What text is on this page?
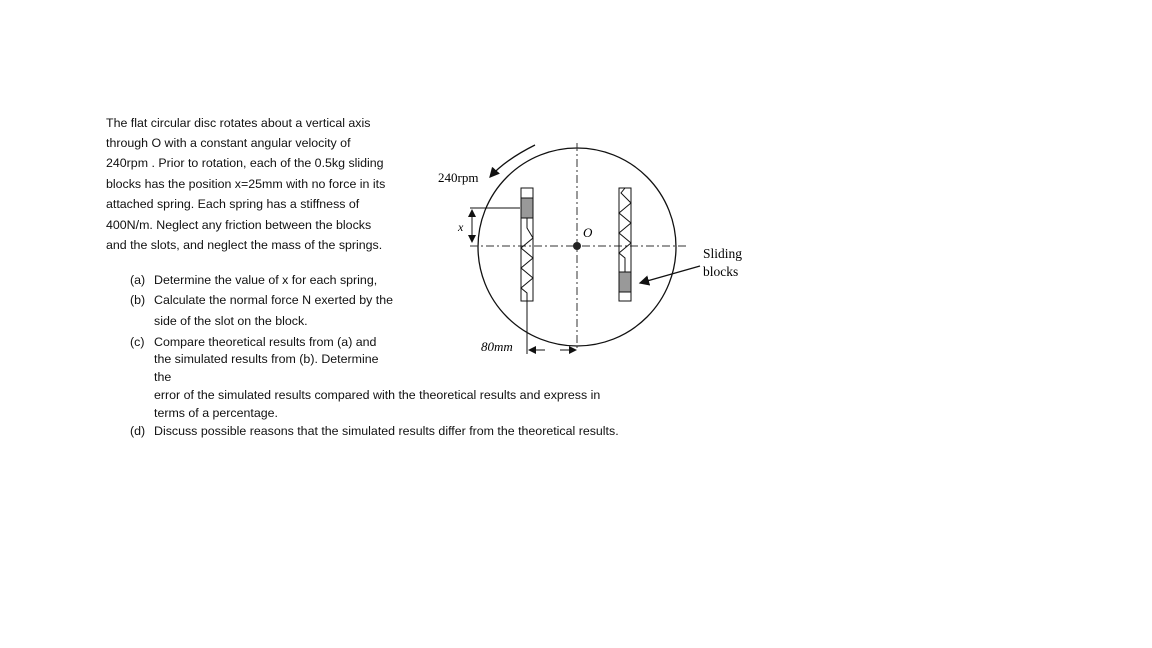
The flat circular disc rotates about a vertical axis
through O with a constant angular velocity of
240rpm . Prior to rotation, each of the 0.5kg sliding
blocks has the position x=25mm with no force in its
attached spring. Each spring has a stiffness of
400N/m. Neglect any friction between the blocks
and the slots, and neglect the mass of the springs.
(a) Determine the value of x for each spring,
(b) Calculate the normal force N exerted by the
side of the slot on the block.
(c) Compare theoretical results from (a) and
the simulated results from (b). Determine
the
error of the simulated results compared with the theoretical results and express in
terms of a percentage.
(d) Discuss possible reasons that the simulated results differ from the theoretical results.
240rpm
O
x
80mm
Sliding
blocks
